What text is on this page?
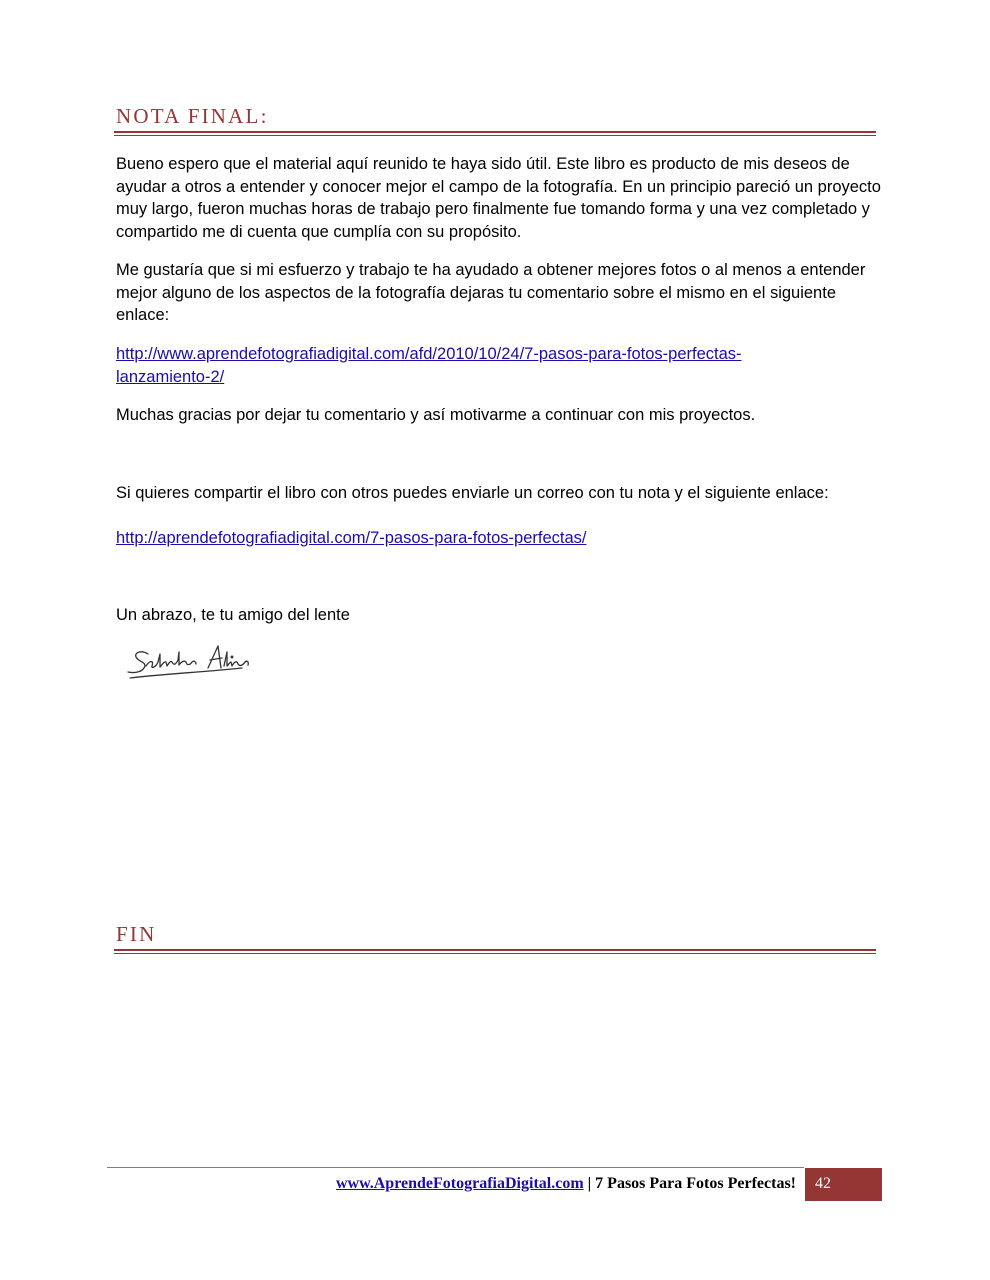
NOTA FINAL:

Bueno espero que el material aquí reunido te haya sido útil. Este libro es producto de mis deseos de ayudar a otros a entender y conocer mejor el campo de la fotografía. En un principio pareció un proyecto muy largo, fueron muchas horas de trabajo pero finalmente fue tomando forma y una vez completado y compartido me di cuenta que cumplía con su propósito.

Me gustaría que si mi esfuerzo y trabajo te ha ayudado a obtener mejores fotos o al menos a entender mejor alguno de los aspectos de la fotografía dejaras tu comentario sobre el mismo en el siguiente enlace:

http://www.aprendefotografiadigital.com/afd/2010/10/24/7-pasos-para-fotos-perfectas-
lanzamiento-2/

Muchas gracias por dejar tu comentario y así motivarme a continuar con mis proyectos.

Si quieres compartir el libro con otros puedes enviarle un correo con tu nota y el siguiente enlace:

http://aprendefotografiadigital.com/7-pasos-para-fotos-perfectas/

Un abrazo, te tu amigo del lente

FIN
www.AprendeFotografiaDigital.com | 7 Pasos Para Fotos Perfectas!	42
